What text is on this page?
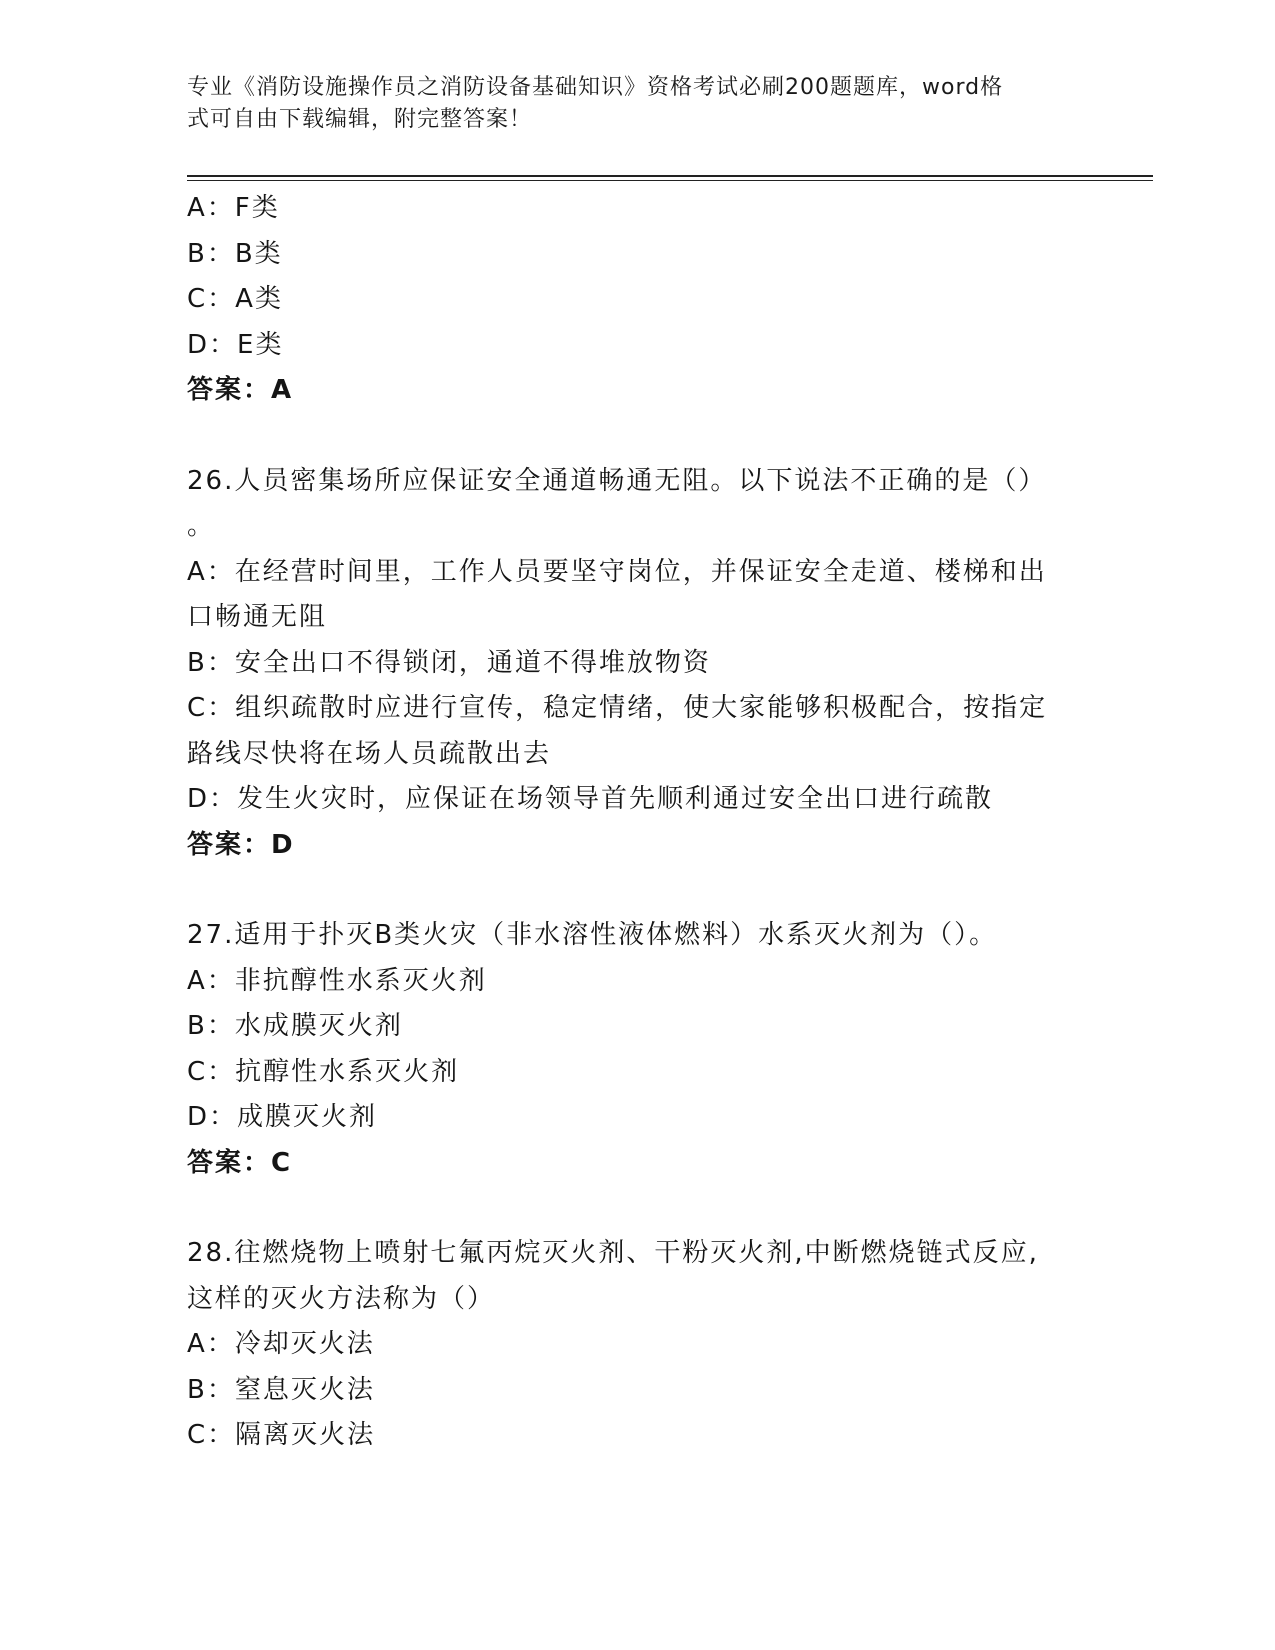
专业《消防设施操作员之消防设备基础知识》资格考试必刷200题题库，word格
式可自由下载编辑，附完整答案！
A：F类
B：B类
C：A类
D：E类
答案：A
26.人员密集场所应保证安全通道畅通无阻。以下说法不正确的是（）
。
A：在经营时间里，工作人员要坚守岗位，并保证安全走道、楼梯和出
口畅通无阻
B：安全出口不得锁闭，通道不得堆放物资
C：组织疏散时应进行宣传，稳定情绪，使大家能够积极配合，按指定
路线尽快将在场人员疏散出去
D：发生火灾时，应保证在场领导首先顺利通过安全出口进行疏散
答案：D
27.适用于扑灭B类火灾（非水溶性液体燃料）水系灭火剂为（）。
A：非抗醇性水系灭火剂
B：水成膜灭火剂
C：抗醇性水系灭火剂
D：成膜灭火剂
答案：C
28.往燃烧物上喷射七氟丙烷灭火剂、干粉灭火剂,中断燃烧链式反应,
这样的灭火方法称为（）
A：冷却灭火法
B：窒息灭火法
C：隔离灭火法
